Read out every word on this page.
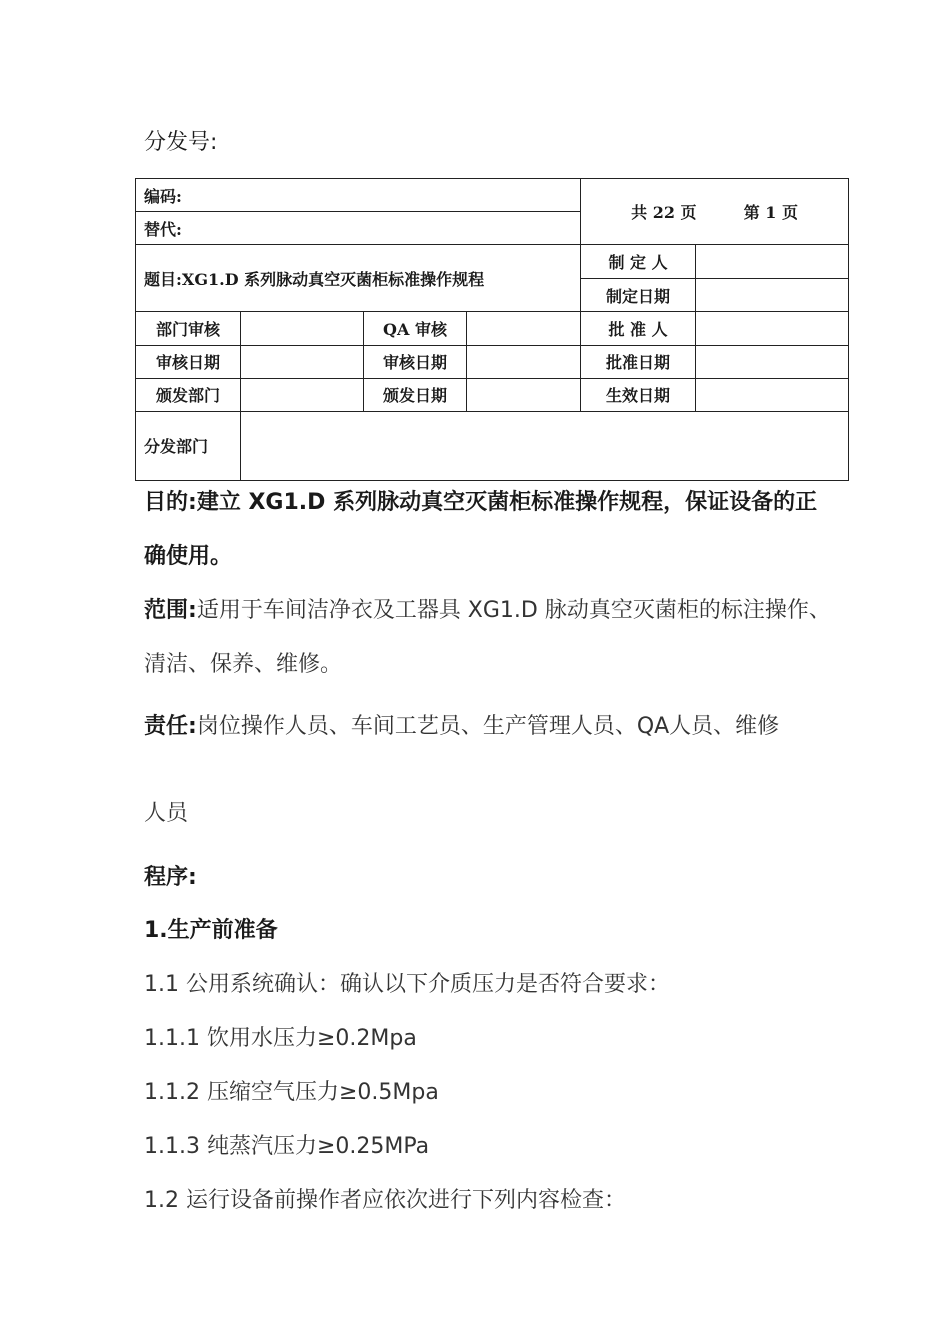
分发号:
编码:				共 22 页 第 1 页	
替代:					
题目:XG1.D 系列脉动真空灭菌柜标准操作规程				制 定 人	
				制定日期	
部门审核		QA 审核		批 准 人	
审核日期		审核日期		批准日期	
颁发部门		颁发日期		生效日期	
分发部门					

目的:建立 XG1.D 系列脉动真空灭菌柜标准操作规程，保证设备的正

确使用。

范围:适用于车间洁净衣及工器具 XG1.D 脉动真空灭菌柜的标注操作、

清洁、保养、维修。

责任:岗位操作人员、车间工艺员、生产管理人员、QA人员、维修

人员

程序:

1.生产前准备

1.1 公用系统确认：确认以下介质压力是否符合要求：

1.1.1 饮用水压力≥0.2Mpa

1.1.2 压缩空气压力≥0.5Mpa

1.1.3 纯蒸汽压力≥0.25MPa

1.2 运行设备前操作者应依次进行下列内容检查：
